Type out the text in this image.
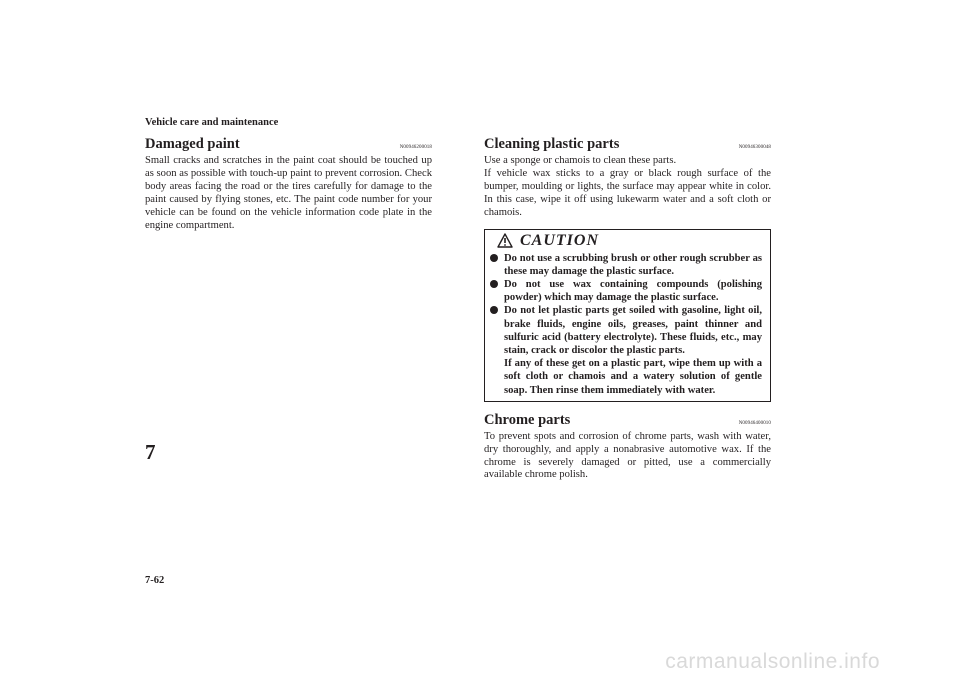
Vehicle care and maintenance
7
7-62
Damaged paint	N00946200018

Small cracks and scratches in the paint coat should be touched up as soon as possible with touch-up paint to prevent corrosion. Check body areas facing the road or the tires carefully for damage to the paint caused by flying stones, etc. The paint code number for your vehicle can be found on the vehicle information code plate in the engine compartment.

Cleaning plastic parts	N00946300048

Use a sponge or chamois to clean these parts.

If vehicle wax sticks to a gray or black rough surface of the bumper, moulding or lights, the surface may appear white in color. In this case, wipe it off using lukewarm water and a soft cloth or chamois.

CAUTION
Do not use a scrubbing brush or other rough scrubber as these may damage the plastic surface.
Do not use wax containing compounds (polishing powder) which may damage the plastic surface.
Do not let plastic parts get soiled with gasoline, light oil, brake fluids, engine oils, greases, paint thinner and sulfuric acid (battery electrolyte). These fluids, etc., may stain, crack or discolor the plastic parts.
If any of these get on a plastic part, wipe them up with a soft cloth or chamois and a watery solution of gentle soap. Then rinse them immediately with water.
Chrome parts	N00946400010

To prevent spots and corrosion of chrome parts, wash with water, dry thoroughly, and apply a nonabrasive automotive wax. If the chrome is severely damaged or pitted, use a commercially available chrome polish.

carmanualsonline.info
